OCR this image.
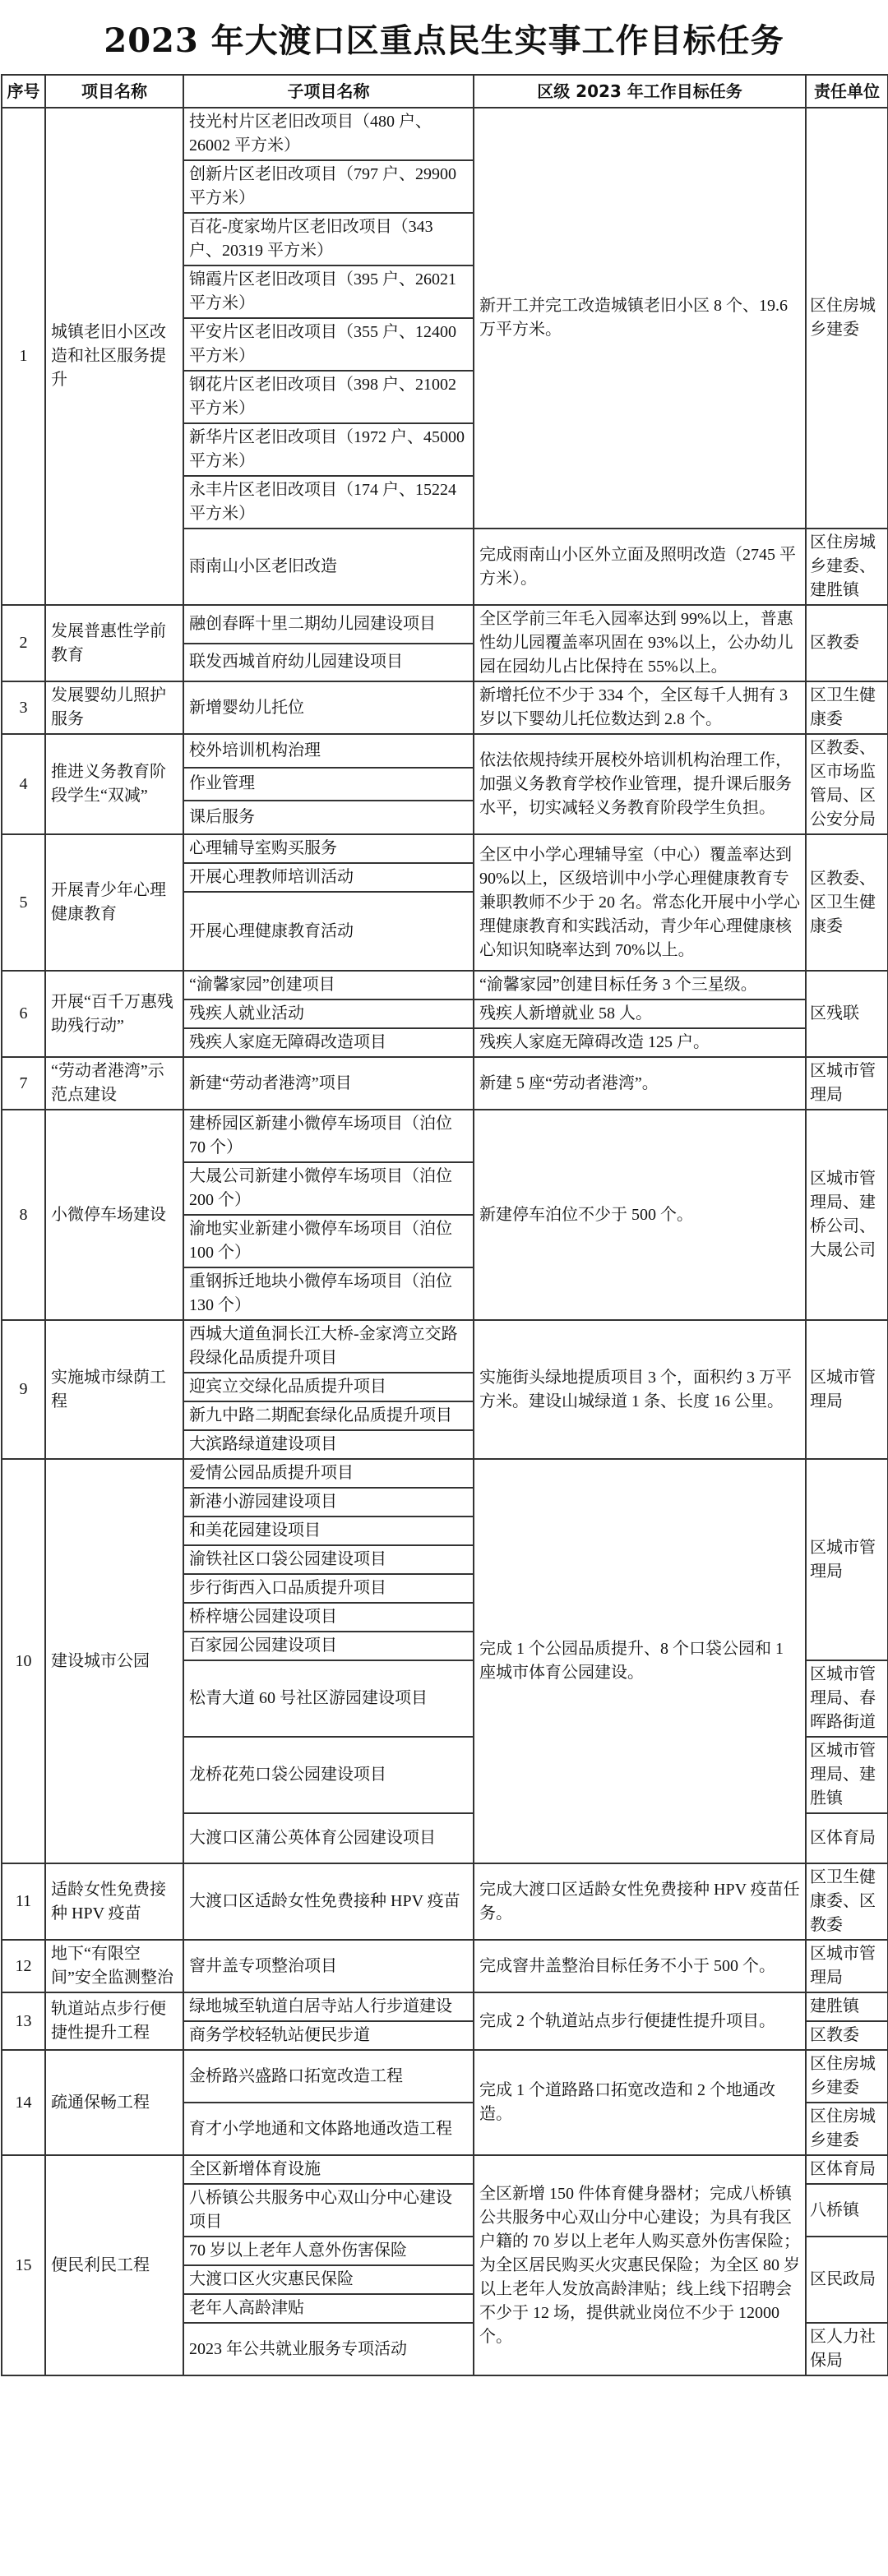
2023 年大渡口区重点民生实事工作目标任务
序号	项目名称	子项目名称	区级 2023 年工作目标任务	责任单位
1	城镇老旧小区改造和社区服务提升	技光村片区老旧改项目（480 户、26002 平方米）	新开工并完工改造城镇老旧小区 8 个、19.6 万平方米。	区住房城乡建委
		创新片区老旧改项目（797 户、29900 平方米）		
		百花-度家坳片区老旧改项目（343 户、20319 平方米）		
		锦霞片区老旧改项目（395 户、26021 平方米）		
		平安片区老旧改项目（355 户、12400 平方米）		
		钢花片区老旧改项目（398 户、21002 平方米）		
		新华片区老旧改项目（1972 户、45000 平方米）		
		永丰片区老旧改项目（174 户、15224 平方米）		
		雨南山小区老旧改造	完成雨南山小区外立面及照明改造（2745 平方米）。	区住房城乡建委、建胜镇
2	发展普惠性学前教育	融创春晖十里二期幼儿园建设项目	全区学前三年毛入园率达到 99%以上，普惠性幼儿园覆盖率巩固在 93%以上，公办幼儿园在园幼儿占比保持在 55%以上。	区教委
		联发西城首府幼儿园建设项目		
3	发展婴幼儿照护服务	新增婴幼儿托位	新增托位不少于 334 个，全区每千人拥有 3 岁以下婴幼儿托位数达到 2.8 个。	区卫生健康委
4	推进义务教育阶段学生“双减”	校外培训机构治理	依法依规持续开展校外培训机构治理工作，加强义务教育学校作业管理，提升课后服务水平，切实减轻义务教育阶段学生负担。	区教委、区市场监管局、区公安分局
		作业管理		
		课后服务		
5	开展青少年心理健康教育	心理辅导室购买服务	全区中小学心理辅导室（中心）覆盖率达到 90%以上，区级培训中小学心理健康教育专兼职教师不少于 20 名。常态化开展中小学心理健康教育和实践活动，青少年心理健康核心知识知晓率达到 70%以上。	区教委、区卫生健康委
		开展心理教师培训活动		
		开展心理健康教育活动		
6	开展“百千万惠残助残行动”	“渝馨家园”创建项目	“渝馨家园”创建目标任务 3 个三星级。	区残联
		残疾人就业活动	残疾人新增就业 58 人。	
		残疾人家庭无障碍改造项目	残疾人家庭无障碍改造 125 户。	
7	“劳动者港湾”示范点建设	新建“劳动者港湾”项目	新建 5 座“劳动者港湾”。	区城市管理局
8	小微停车场建设	建桥园区新建小微停车场项目（泊位 70 个）	新建停车泊位不少于 500 个。	区城市管理局、建桥公司、大晟公司
		大晟公司新建小微停车场项目（泊位 200 个）		
		渝地实业新建小微停车场项目（泊位 100 个）		
		重钢拆迁地块小微停车场项目（泊位 130 个）		
9	实施城市绿荫工程	西城大道鱼洞长江大桥-金家湾立交路段绿化品质提升项目	实施街头绿地提质项目 3 个，面积约 3 万平方米。建设山城绿道 1 条、长度 16 公里。	区城市管理局
		迎宾立交绿化品质提升项目		
		新九中路二期配套绿化品质提升项目		
		大滨路绿道建设项目		
10	建设城市公园	爱情公园品质提升项目	完成 1 个公园品质提升、8 个口袋公园和 1 座城市体育公园建设。	区城市管理局
		新港小游园建设项目		
		和美花园建设项目		
		渝铁社区口袋公园建设项目		
		步行街西入口品质提升项目		
		桥梓塘公园建设项目		
		百家园公园建设项目		
		松青大道 60 号社区游园建设项目		区城市管理局、春晖路街道
		龙桥花苑口袋公园建设项目		区城市管理局、建胜镇
		大渡口区蒲公英体育公园建设项目		区体育局
11	适龄女性免费接种 HPV 疫苗	大渡口区适龄女性免费接种 HPV 疫苗	完成大渡口区适龄女性免费接种 HPV 疫苗任务。	区卫生健康委、区教委
12	地下“有限空间”安全监测整治	窨井盖专项整治项目	完成窨井盖整治目标任务不小于 500 个。	区城市管理局
13	轨道站点步行便捷性提升工程	绿地城至轨道白居寺站人行步道建设	完成 2 个轨道站点步行便捷性提升项目。	建胜镇
		商务学校轻轨站便民步道		区教委
14	疏通保畅工程	金桥路兴盛路口拓宽改造工程	完成 1 个道路路口拓宽改造和 2 个地通改造。	区住房城乡建委
		育才小学地通和文体路地通改造工程		区住房城乡建委
15	便民利民工程	全区新增体育设施	全区新增 150 件体育健身器材；完成八桥镇公共服务中心双山分中心建设；为具有我区户籍的 70 岁以上老年人购买意外伤害保险；为全区居民购买火灾惠民保险；为全区 80 岁以上老年人发放高龄津贴；线上线下招聘会不少于 12 场，提供就业岗位不少于 12000 个。	区体育局
		八桥镇公共服务中心双山分中心建设项目		八桥镇
		70 岁以上老年人意外伤害保险		区民政局
		大渡口区火灾惠民保险		
		老年人高龄津贴		
		2023 年公共就业服务专项活动		区人力社保局
